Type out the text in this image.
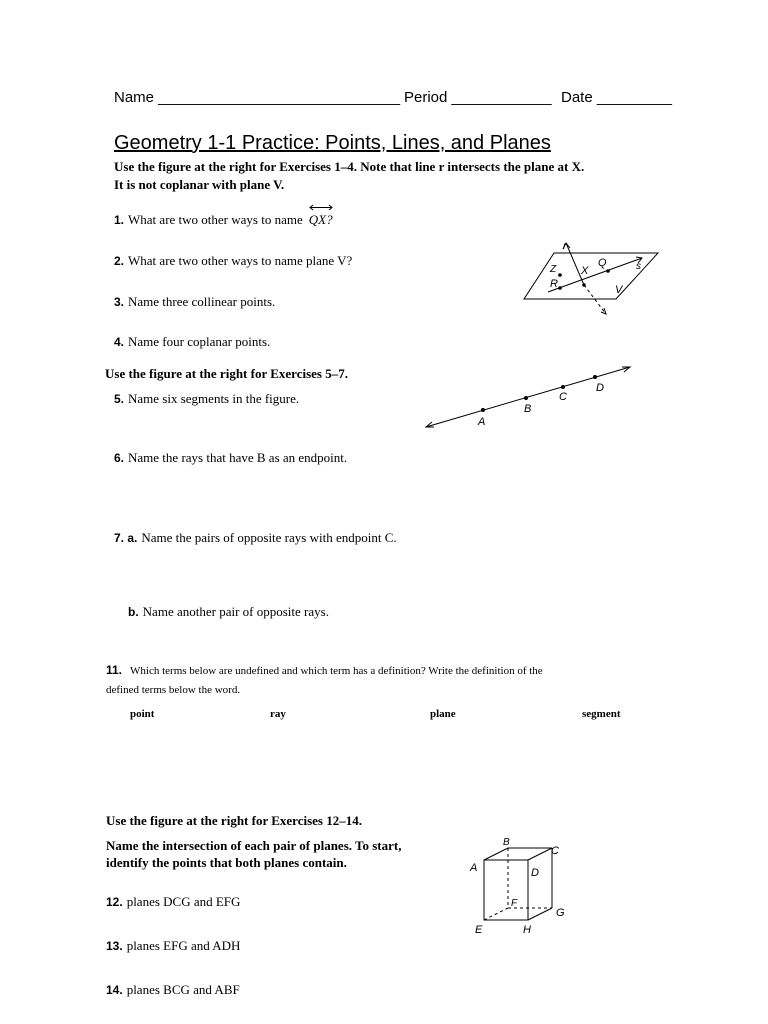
Name _____________________________ Period ____________ Date _________
Geometry 1-1 Practice: Points, Lines, and Planes
Use the figure at the right for Exercises 1–4. Note that line r intersects the plane at X.
It is not coplanar with plane V.
1. What are two other ways to name QX?
2. What are two other ways to name plane V?
3. Name three collinear points.
4. Name four coplanar points.
r
Z X
Q	s
R	V
Use the figure at the right for Exercises 5–7.
5. Name six segments in the figure.
6. Name the rays that have B as an endpoint.
7. a. Name the pairs of opposite rays with endpoint C.
b. Name another pair of opposite rays.
A
B
C
D
11. Which terms below are undefined and which term has a definition? Write the definition of the
defined terms below the word.
point	ray	plane	segment
Use the figure at the right for Exercises 12–14.
Name the intersection of each pair of planes. To start,
identify the points that both planes contain.
12. planes DCG and EFG
13. planes EFG and ADH
14. planes BCG and ABF
A
B
C
D
E
F
G
H
